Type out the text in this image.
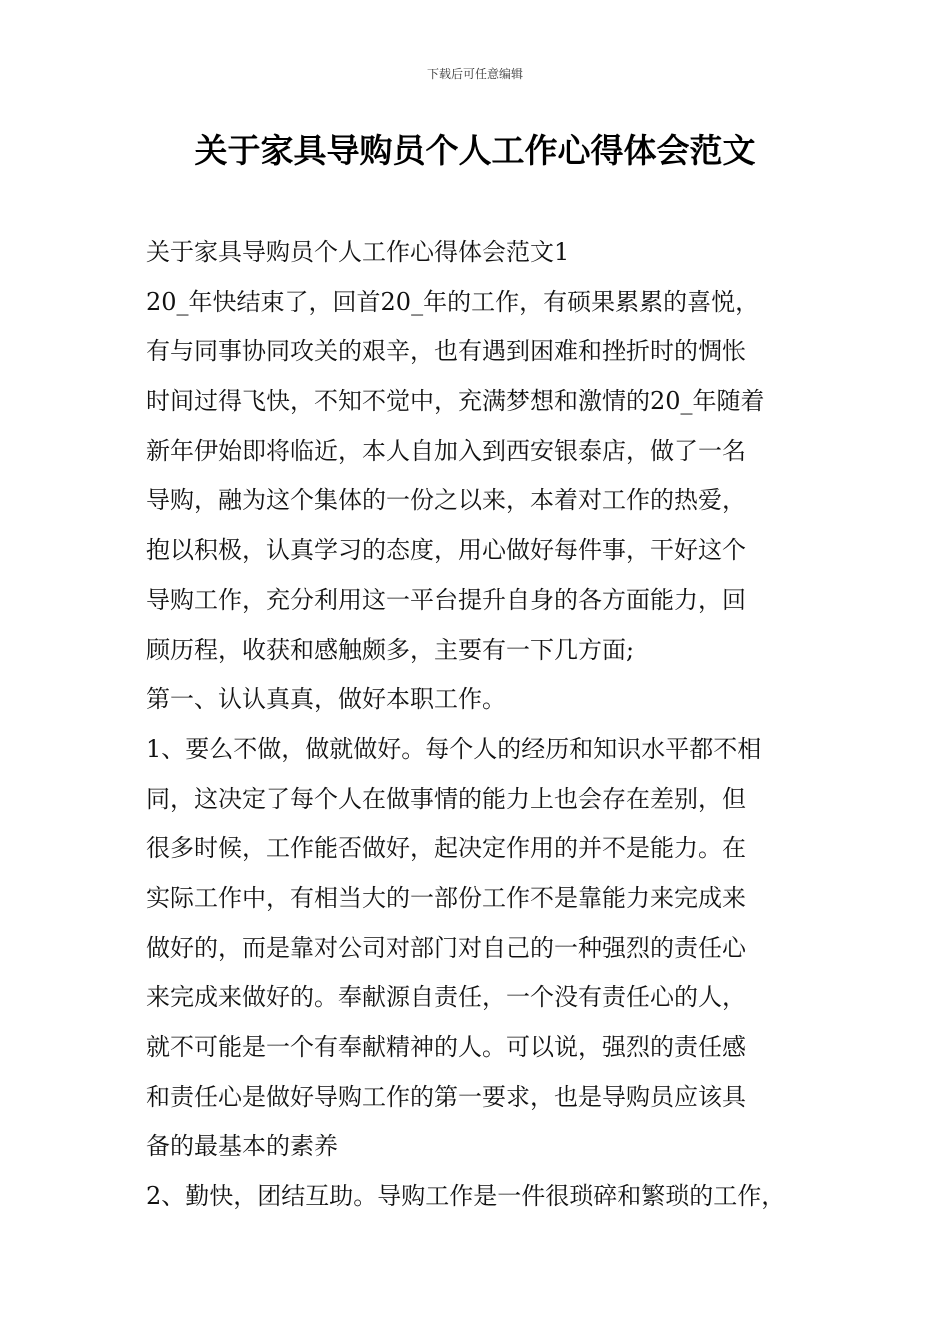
下载后可任意编辑
关于家具导购员个人工作心得体会范文
关于家具导购员个人工作心得体会范文1
20_年快结束了，回首20_年的工作，有硕果累累的喜悦，
有与同事协同攻关的艰辛，也有遇到困难和挫折时的惆怅
时间过得飞快，不知不觉中，充满梦想和激情的20_年随着
新年伊始即将临近，本人自加入到西安银泰店，做了一名
导购，融为这个集体的一份之以来，本着对工作的热爱，
抱以积极，认真学习的态度，用心做好每件事，干好这个
导购工作，充分利用这一平台提升自身的各方面能力，回
顾历程，收获和感触颇多，主要有一下几方面;
第一、认认真真，做好本职工作。
1、要么不做，做就做好。每个人的经历和知识水平都不相
同，这决定了每个人在做事情的能力上也会存在差别，但
很多时候，工作能否做好，起决定作用的并不是能力。在
实际工作中，有相当大的一部份工作不是靠能力来完成来
做好的，而是靠对公司对部门对自己的一种强烈的责任心
来完成来做好的。奉献源自责任，一个没有责任心的人，
就不可能是一个有奉献精神的人。可以说，强烈的责任感
和责任心是做好导购工作的第一要求，也是导购员应该具
备的最基本的素养
2、勤快，团结互助。导购工作是一件很琐碎和繁琐的工作，
